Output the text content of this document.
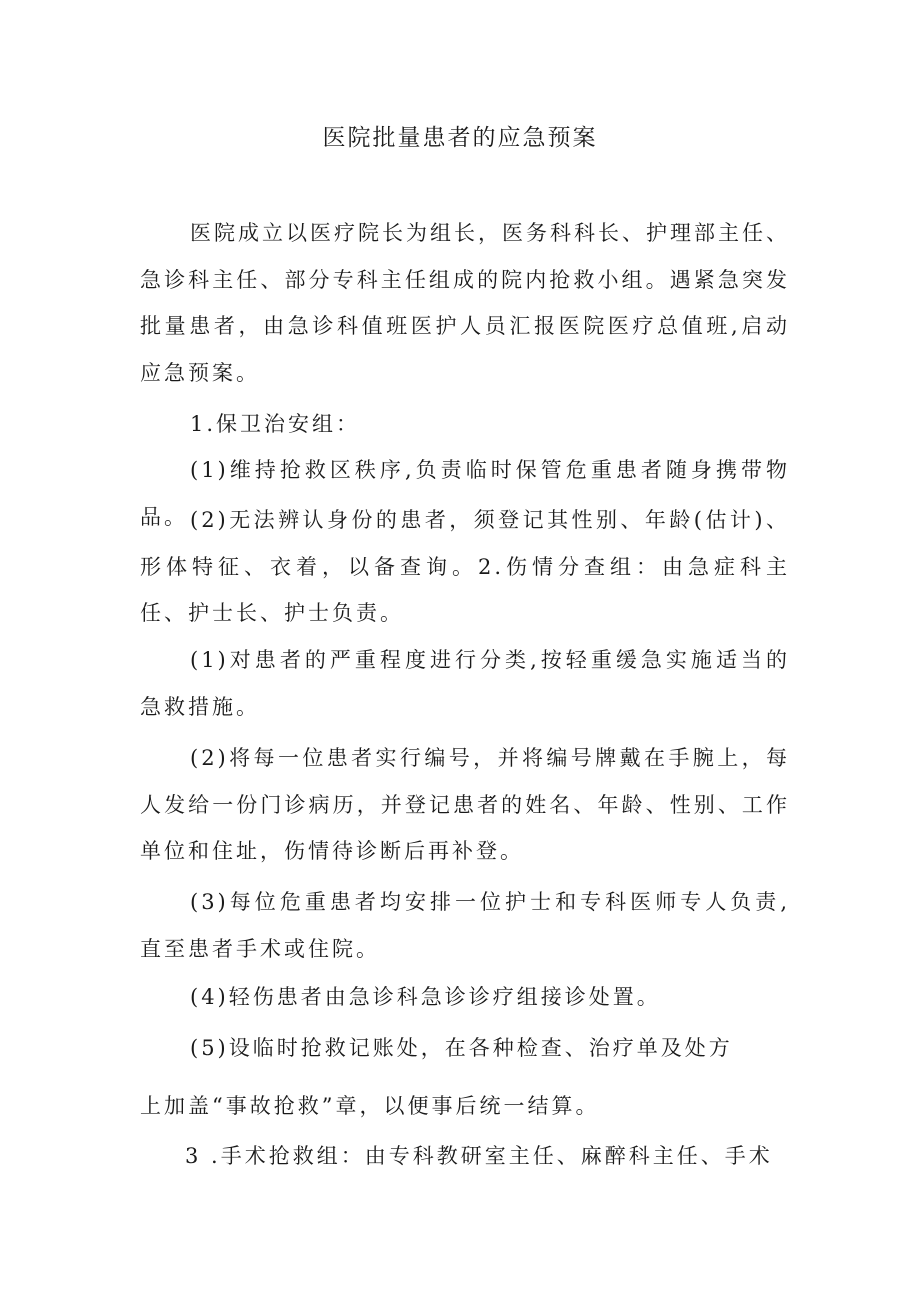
医院批量患者的应急预案

医院成立以医疗院长为组长，医务科科长、护理部主任、急诊科主任、部分专科主任组成的院内抢救小组。遇紧急突发批量患者，由急诊科值班医护人员汇报医院医疗总值班,启动应急预案。

1.保卫治安组：

(1)维持抢救区秩序,负责临时保管危重患者随身携带物品。 (2)无法辨认身份的患者，须登记其性别、年龄(估计)、形体特征、衣着，以备查询。2.伤情分查组：由急症科主任、护士长、护士负责。

(1)对患者的严重程度进行分类,按轻重缓急实施适当的急救措施。

(2)将每一位患者实行编号，并将编号牌戴在手腕上，每人发给一份门诊病历，并登记患者的姓名、年龄、性别、工作单位和住址，伤情待诊断后再补登。

(3)每位危重患者均安排一位护士和专科医师专人负责,直至患者手术或住院。

(4)轻伤患者由急诊科急诊诊疗组接诊处置。

(5)设临时抢救记账处，在各种检查、治疗单及处方

上加盖“事故抢救”章，以便事后统一结算。

3 .手术抢救组：由专科教研室主任、麻醉科主任、手术
